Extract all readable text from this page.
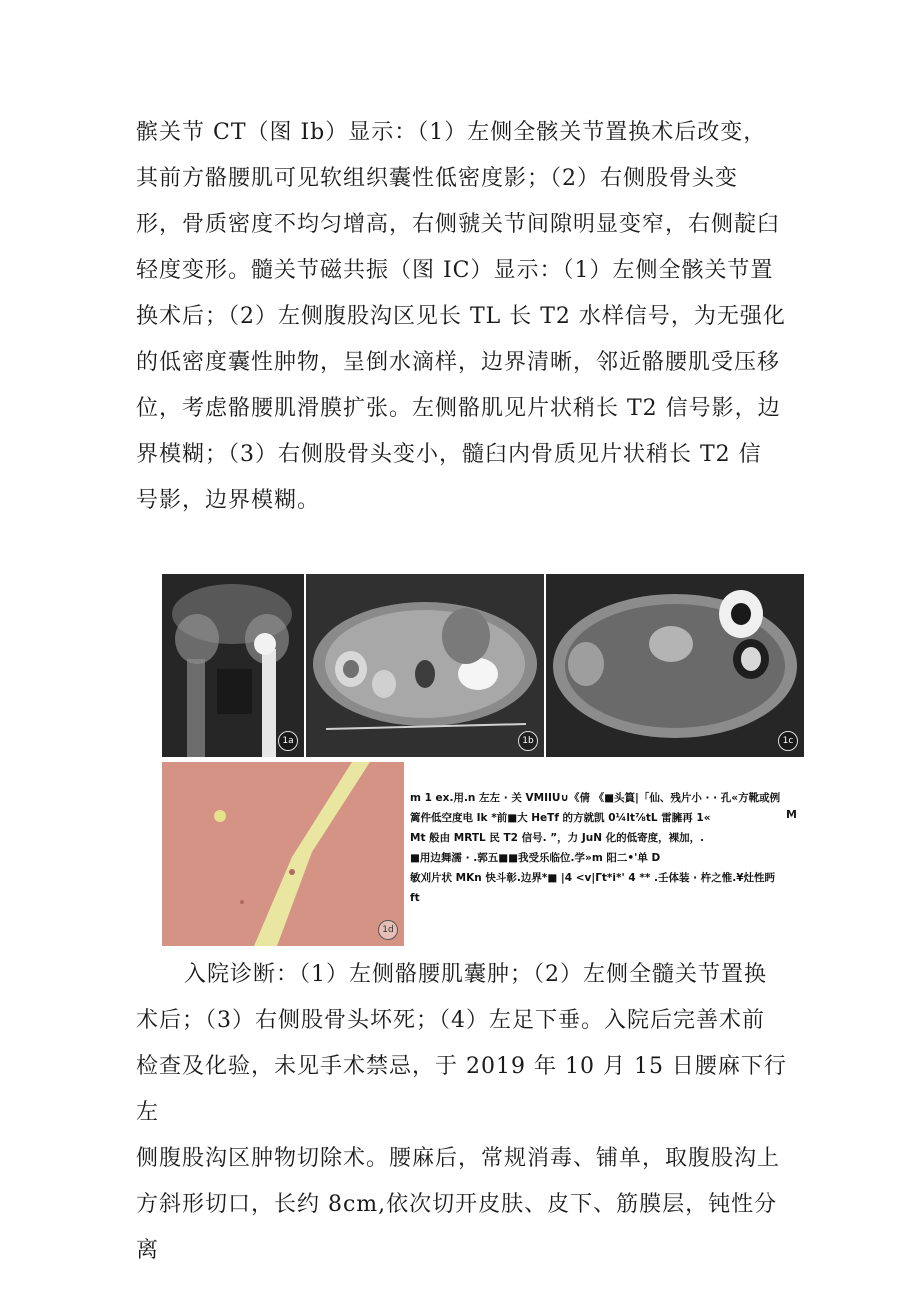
髌关节 CT（图 Ib）显示：（1）左侧全骸关节置换术后改变，

其前方骼腰肌可见软组织囊性低密度影；（2）右侧股骨头变

形，骨质密度不均匀增高，右侧虢关节间隙明显变窄，右侧靛臼

轻度变形。髓关节磁共振（图 IC）显示：（1）左侧全骸关节置

换术后；（2）左侧腹股沟区见长 TL 长 T2 水样信号，为无强化

的低密度囊性肿物，呈倒水滴样，边界清晰，邻近骼腰肌受压移

位，考虑骼腰肌滑膜扩张。左侧骼肌见片状稍长 T2 信号影，边

界模糊；（3）右侧股骨头变小，髓臼内骨质见片状稍长 T2 信

号影，边界模糊。

1a	1b	1c
1d
m 1 ex.用.n 左左 · 关 VMIIU∪《倩 《■头篔|「仙、残片小 · · 孔«方靴或例
篱件低空度电 Ik *前■大 HeTf 的方就凯 0¼lt⅞tL 雷臃再 1«
Mt 般由 MRTL 民 T2 信号. ”，力 JuN 化的低寄度，裸加，.
■用边舞濡 · .郭五■■我受乐临位.学»m 阳二•'单 D
敏刈片状 MKn 快斗彰.边界*■ |4 <v|Γt*i*' 4 ** .壬体装 · 杵之惟.¥灶性眄
ft
M

入院诊断：（1）左侧骼腰肌囊肿；（2）左侧全髓关节置换

术后；（3）右侧股骨头坏死；（4）左足下垂。入院后完善术前

检查及化验，未见手术禁忌，于 2019 年 10 月 15 日腰麻下行左

侧腹股沟区肿物切除术。腰麻后，常规消毒、铺单，取腹股沟上

方斜形切口，长约 8cm,依次切开皮肤、皮下、筋膜层，钝性分离
